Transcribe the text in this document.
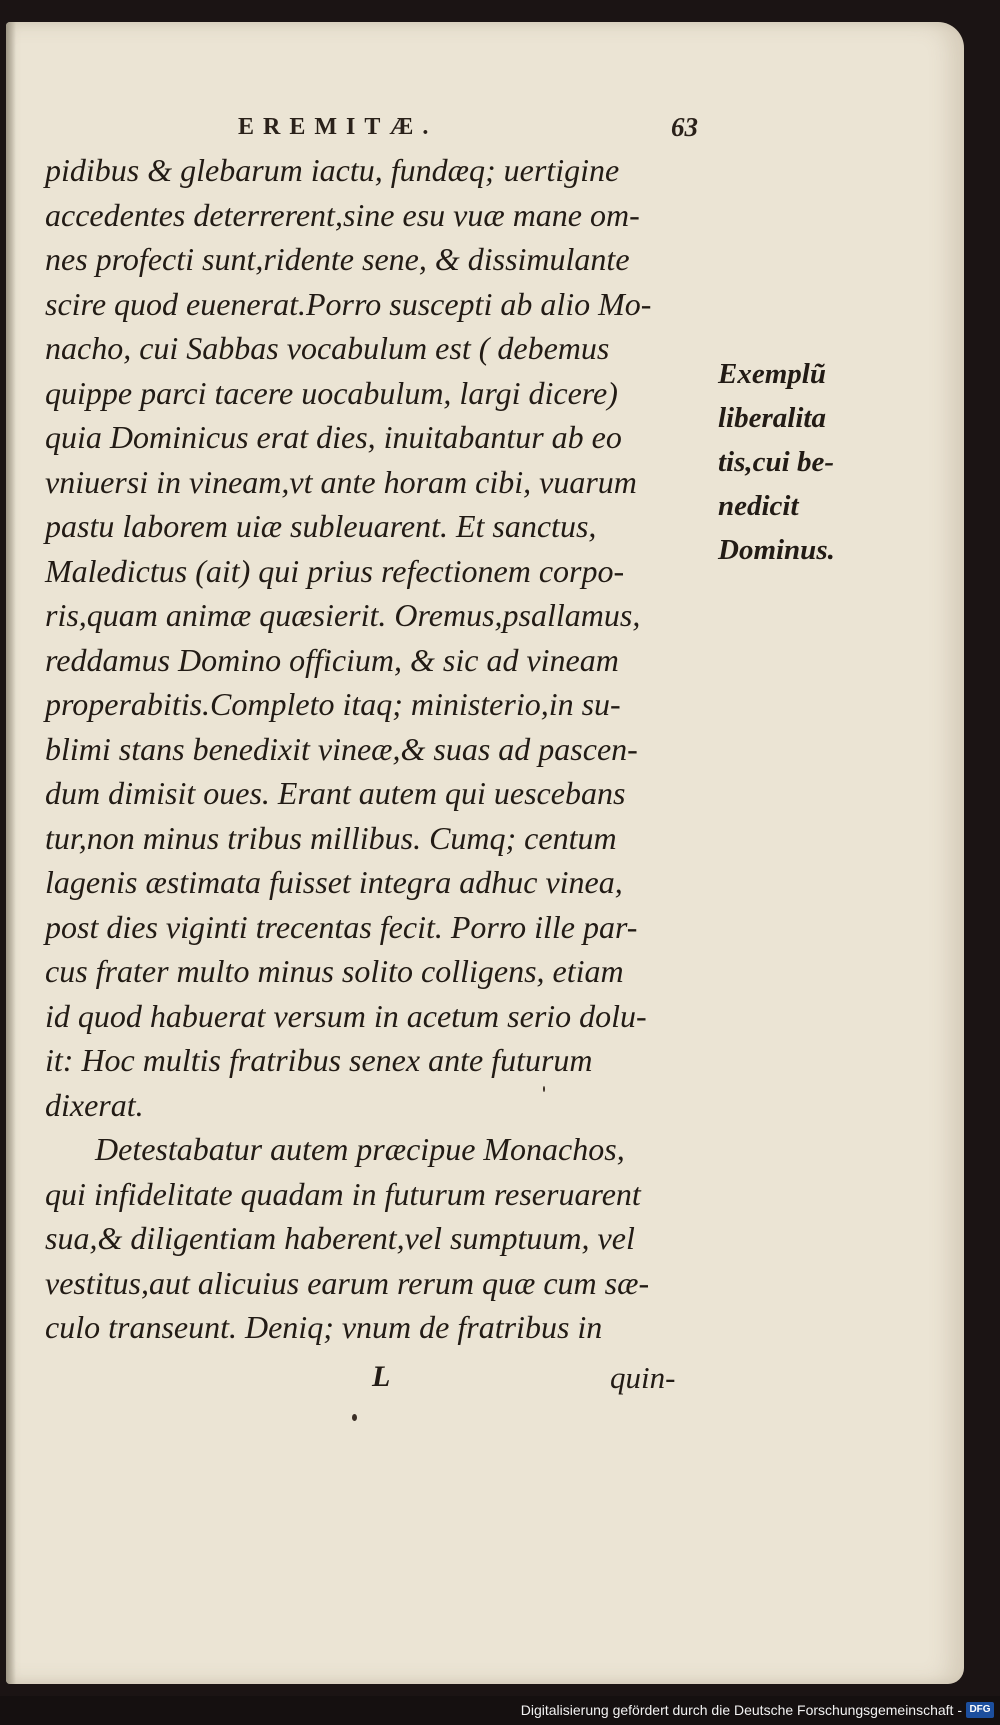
EREMITÆ.	63
pidibus & glebarum iactu, fundæq; uertigine
accedentes deterrerent,sine esu vuæ mane om-
nes profecti sunt,ridente sene, & dissimulante
scire quod euenerat.Porro suscepti ab alio Mo-
nacho, cui Sabbas vocabulum est ( debemus
quippe parci tacere uocabulum, largi dicere)
quia Dominicus erat dies, inuitabantur ab eo
vniuersi in vineam,vt ante horam cibi, vuarum
pastu laborem uiæ subleuarent. Et sanctus,
Maledictus (ait) qui prius refectionem corpo-
ris,quam animæ quæsierit. Oremus,psallamus,
reddamus Domino officium, & sic ad vineam
properabitis.Completo itaq; ministerio,in su-
blimi stans benedixit vineæ,& suas ad pascen-
dum dimisit oues. Erant autem qui uescebans
tur,non minus tribus millibus. Cumq; centum
lagenis æstimata fuisset integra adhuc vinea,
post dies viginti trecentas fecit. Porro ille par-
cus frater multo minus solito colligens, etiam
id quod habuerat versum in acetum serio dolu-
it: Hoc multis fratribus senex ante futurum
dixerat.
Detestabatur autem præcipue Monachos,
qui infidelitate quadam in futurum reseruarent
sua,& diligentiam haberent,vel sumptuum, vel
vestitus,aut alicuius earum rerum quæ cum sæ-
culo transeunt. Deniq; vnum de fratribus in
Exemplũ
liberalita
tis,cui be-
nedicit
Dominus.
L	quin-
Digitalisierung gefördert durch die Deutsche Forschungsgemeinschaft - DFG
